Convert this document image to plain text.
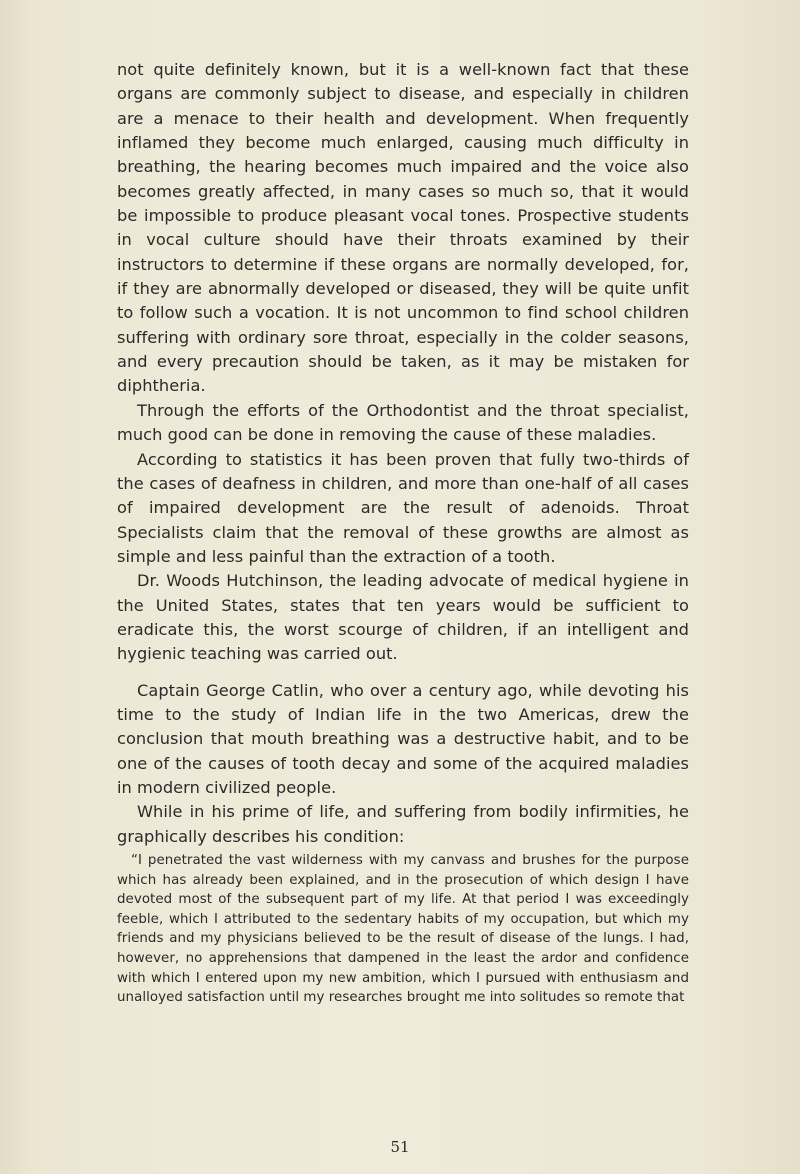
not quite definitely known, but it is a well-known fact that these organs are commonly subject to disease, and especially in children are a menace to their health and development. When frequently inflamed they become much enlarged, causing much difficulty in breathing, the hearing becomes much impaired and the voice also becomes greatly affected, in many cases so much so, that it would be impossible to produce pleasant vocal tones. Prospective students in vocal culture should have their throats examined by their instructors to determine if these organs are normally developed, for, if they are abnormally developed or diseased, they will be quite unfit to follow such a vocation. It is not uncommon to find school children suffering with ordinary sore throat, especially in the colder seasons, and every precaution should be taken, as it may be mistaken for diphtheria.

Through the efforts of the Orthodontist and the throat specialist, much good can be done in removing the cause of these maladies.

According to statistics it has been proven that fully two-thirds of the cases of deafness in children, and more than one-half of all cases of impaired development are the result of adenoids. Throat Specialists claim that the removal of these growths are almost as simple and less painful than the extraction of a tooth.

Dr. Woods Hutchinson, the leading advocate of medical hygiene in the United States, states that ten years would be sufficient to eradicate this, the worst scourge of children, if an intelligent and hygienic teaching was carried out.

Captain George Catlin, who over a century ago, while devoting his time to the study of Indian life in the two Americas, drew the conclusion that mouth breathing was a destructive habit, and to be one of the causes of tooth decay and some of the acquired maladies in modern civilized people.

While in his prime of life, and suffering from bodily infirmities, he graphically describes his condition:

“I penetrated the vast wilderness with my canvass and brushes for the purpose which has already been explained, and in the prosecution of which design I have devoted most of the subsequent part of my life. At that period I was exceedingly feeble, which I attributed to the sedentary habits of my occupation, but which my friends and my physicians believed to be the result of disease of the lungs. I had, however, no apprehensions that dampened in the least the ardor and confidence with which I entered upon my new ambition, which I pursued with enthusiasm and unalloyed satisfaction until my researches brought me into solitudes so remote that

51
